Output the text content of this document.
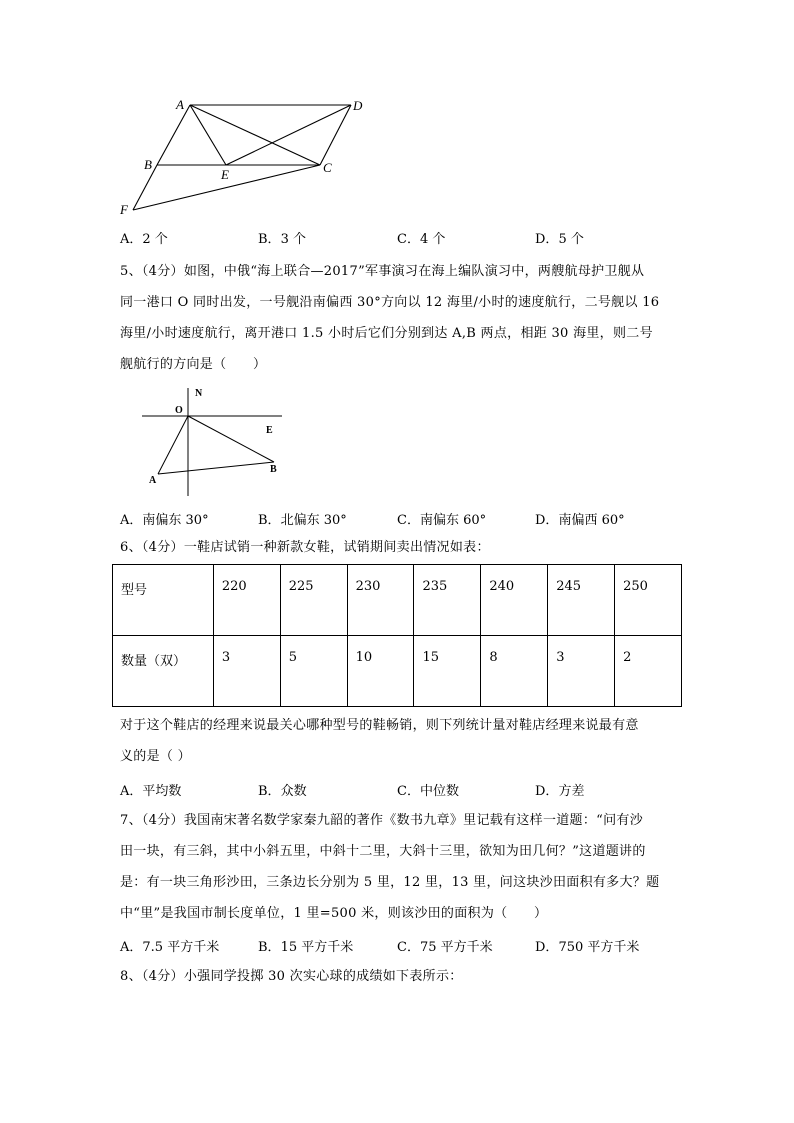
A	D
B
E	C
F
A．2 个	B．3 个	C．4 个	D．5 个
5、（4分）如图，中俄“海上联合—2017”军事演习在海上编队演习中，两艘航母护卫舰从
同一港口 O 同时出发，一号舰沿南偏西 30°方向以 12 海里/小时的速度航行，二号舰以 16
海里/小时速度航行，离开港口 1.5 小时后它们分别到达 A,B 两点，相距 30 海里，则二号
舰航行的方向是（　　）
N
O
E
A
B
A．南偏东 30°	B．北偏东 30°	C．南偏东 60°	D．南偏西 60°
6、（4分）一鞋店试销一种新款女鞋，试销期间卖出情况如表：
型号	220	225	230	235	240	245	250
数量（双）	3	5	10	15	8	3	2
对于这个鞋店的经理来说最关心哪种型号的鞋畅销，则下列统计量对鞋店经理来说最有意
义的是（ ）
A．平均数	B．众数	C．中位数	D．方差
7、（4分）我国南宋著名数学家秦九韶的著作《数书九章》里记载有这样一道题：“问有沙
田一块，有三斜，其中小斜五里，中斜十二里，大斜十三里，欲知为田几何？”这道题讲的
是：有一块三角形沙田，三条边长分别为 5 里，12 里，13 里，问这块沙田面积有多大？题
中“里”是我国市制长度单位，1 里=500 米，则该沙田的面积为（　　）
A．7.5 平方千米	B．15 平方千米	C．75 平方千米	D．750 平方千米
8、（4分）小强同学投掷 30 次实心球的成绩如下表所示：
